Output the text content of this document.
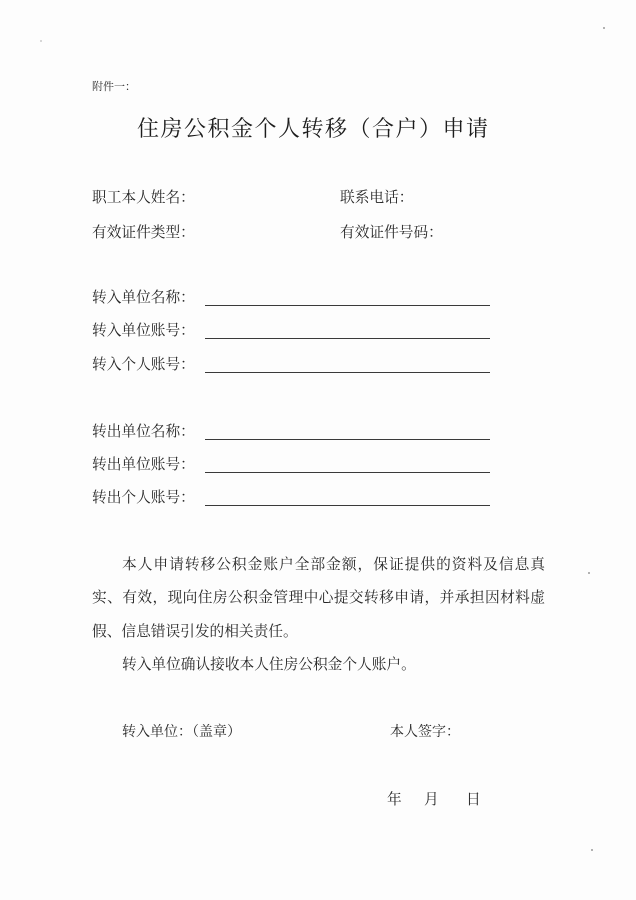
附件一：
住房公积金个人转移（合户）申请
职工本人姓名：	联系电话：
有效证件类型：	有效证件号码：
转入单位名称：
转入单位账号：
转入个人账号：
转出单位名称：
转出单位账号：
转出个人账号：
本人申请转移公积金账户全部金额，保证提供的资料及信息真
实、有效，现向住房公积金管理中心提交转移申请，并承担因材料虚
假、信息错误引发的相关责任。
转入单位确认接收本人住房公积金个人账户。
转入单位：（盖章）	本人签字：
年 月 日
